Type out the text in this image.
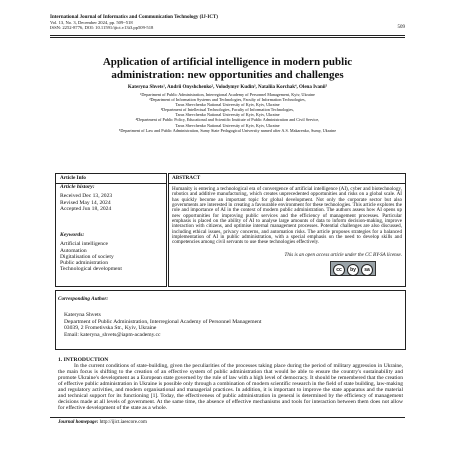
International Journal of Informatics and Communication Technology (IJ-ICT)
Vol. 13, No. 3, December 2024, pp. 509~518
ISSN: 2252-8776, DOI: 10.11591/ijict.v13i3.pp509-518	509
Application of artificial intelligence in modern public
administration: new opportunities and challenges
Kateryna Shvets¹, Andrii Onyshchenko², Volodymyr Kudin³, Nataliia Korchak⁴, Olena Ivanii⁵
¹Department of Public Administration, Interregional Academy of Personnel Management, Kyiv, Ukraine
²Department of Information Systems and Technologies, Faculty of Information Technologies,
Taras Shevchenko National University of Kyiv, Kyiv, Ukraine
³Department of Intellectual Technologies, Faculty of Information Technologies,
Taras Shevchenko National University of Kyiv, Kyiv, Ukraine
⁴Department of Public Policy, Educational and Scientific Institute of Public Administration and Civil Service,
Taras Shevchenko National University of Kyiv, Kyiv, Ukraine
⁵Department of Law and Public Administration, Sumy State Pedagogical University named after A.S. Makarenko, Sumy, Ukraine
Article Info
Article history:
Received Dec 13, 2023
Revised May 14, 2024
Accepted Jun 18, 2024
Keywords:
Artificial intelligence
Automation
Digitalisation of society
Public administration
Technological development
ABSTRACT
Humanity is entering a technological era of convergence of artificial intelligence (AI), cyber and biotechnology, robotics and additive manufacturing, which creates unprecedented opportunities and risks on a global scale. AI has quickly become an important topic for global development. Not only the corporate sector but also governments are interested in creating a favourable environment for these technologies. This article explores the role and importance of AI in the context of modern public administration. The authors assess how AI opens up new opportunities for improving public services and the efficiency of management processes. Particular emphasis is placed on the ability of AI to analyse large amounts of data to inform decision-making, improve interaction with citizens, and optimise internal management processes. Potential challenges are also discussed, including ethical issues, privacy concerns, and automation risks. The article proposes strategies for a balanced implementation of AI in public administration, with a special emphasis on the need to develop skills and competencies among civil servants to use these technologies effectively.
This is an open access article under the CC BY-SA license.
cc	by	sa
Corresponding Author:
Kateryna Shvets
Department of Public Administration, Interregional Academy of Personnel Management
03039, 2 Frometivska Str., Kyiv, Ukraine
Email: kateryna_shvets@iapm-academy.cc
1. INTRODUCTION
In the current conditions of state-building, given the peculiarities of the processes taking place during the period of military aggression in Ukraine, the main focus is shifting to the creation of an effective system of public administration that would be able to ensure the country's sustainability and promote Ukraine's development as a European state governed by the rule of law with a high level of democracy. It should be remembered that the creation of effective public administration in Ukraine is possible only through a combination of modern scientific research in the field of state building, law-making and regulatory activities, and modern organisational and managerial practices. In addition, it is important to improve the state apparatus and the material and technical support for its functioning [1]. Today, the effectiveness of public administration in general is determined by the efficiency of management decisions made at all levels of government. At the same time, the absence of effective mechanisms and tools for interaction between them does not allow for effective development of the state as a whole.
Journal homepage: http://ijict.iaescore.com
